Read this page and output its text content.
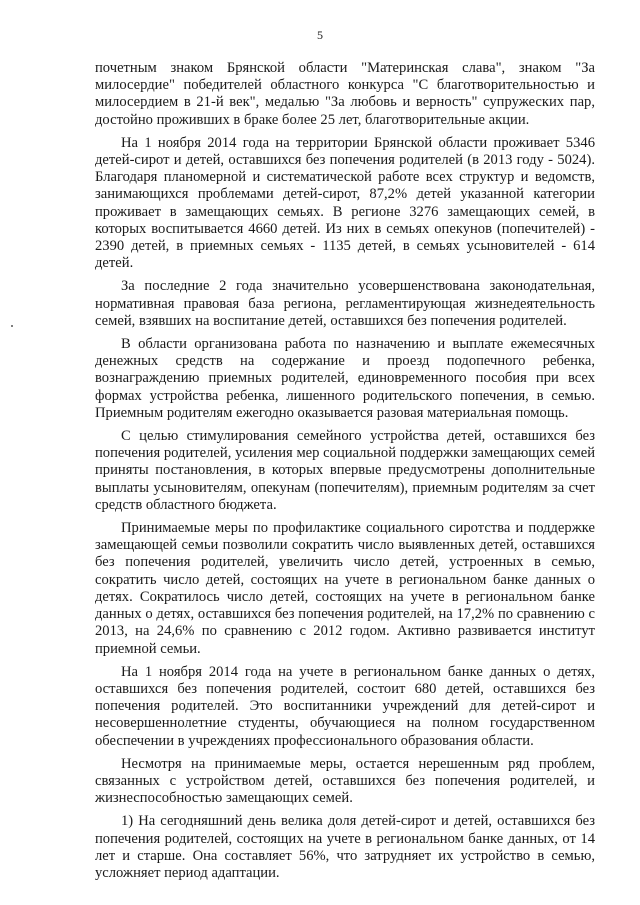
5

почетным знаком Брянской области "Материнская слава", знаком "За милосердие" победителей областного конкурса "С благотворительностью и милосердием в 21-й век", медалью "За любовь и верность" супружеских пар, достойно проживших в браке более 25 лет, благотворительные акции.

На 1 ноября 2014 года на территории Брянской области проживает 5346 детей-сирот и детей, оставшихся без попечения родителей (в 2013 году - 5024). Благодаря планомерной и систематической работе всех структур и ведомств, занимающихся проблемами детей-сирот, 87,2% детей указанной категории проживает в замещающих семьях. В регионе 3276 замещающих семей, в которых воспитывается 4660 детей. Из них в семьях опекунов (попечителей) - 2390 детей, в приемных семьях - 1135 детей, в семьях усыновителей - 614 детей.

За последние 2 года значительно усовершенствована законодательная, нормативная правовая база региона, регламентирующая жизнедеятельность семей, взявших на воспитание детей, оставшихся без попечения родителей.

В области организована работа по назначению и выплате ежемесячных денежных средств на содержание и проезд подопечного ребенка, вознаграждению приемных родителей, единовременного пособия при всех формах устройства ребенка, лишенного родительского попечения, в семью. Приемным родителям ежегодно оказывается разовая материальная помощь.

С целью стимулирования семейного устройства детей, оставшихся без попечения родителей, усиления мер социальной поддержки замещающих семей приняты постановления, в которых впервые предусмотрены дополнительные выплаты усыновителям, опекунам (попечителям), приемным родителям за счет средств областного бюджета.

Принимаемые меры по профилактике социального сиротства и поддержке замещающей семьи позволили сократить число выявленных детей, оставшихся без попечения родителей, увеличить число детей, устроенных в семью, сократить число детей, состоящих на учете в региональном банке данных о детях. Сократилось число детей, состоящих на учете в региональном банке данных о детях, оставшихся без попечения родителей, на 17,2% по сравнению с 2013, на 24,6% по сравнению с 2012 годом. Активно развивается институт приемной семьи.

На 1 ноября 2014 года на учете в региональном банке данных о детях, оставшихся без попечения родителей, состоит 680 детей, оставшихся без попечения родителей. Это воспитанники учреждений для детей-сирот и несовершеннолетние студенты, обучающиеся на полном государственном обеспечении в учреждениях профессионального образования области.

Несмотря на принимаемые меры, остается нерешенным ряд проблем, связанных с устройством детей, оставшихся без попечения родителей, и жизнеспособностью замещающих семей.

1) На сегодняшний день велика доля детей-сирот и детей, оставшихся без попечения родителей, состоящих на учете в региональном банке данных, от 14 лет и старше. Она составляет 56%, что затрудняет их устройство в семью, усложняет период адаптации.
